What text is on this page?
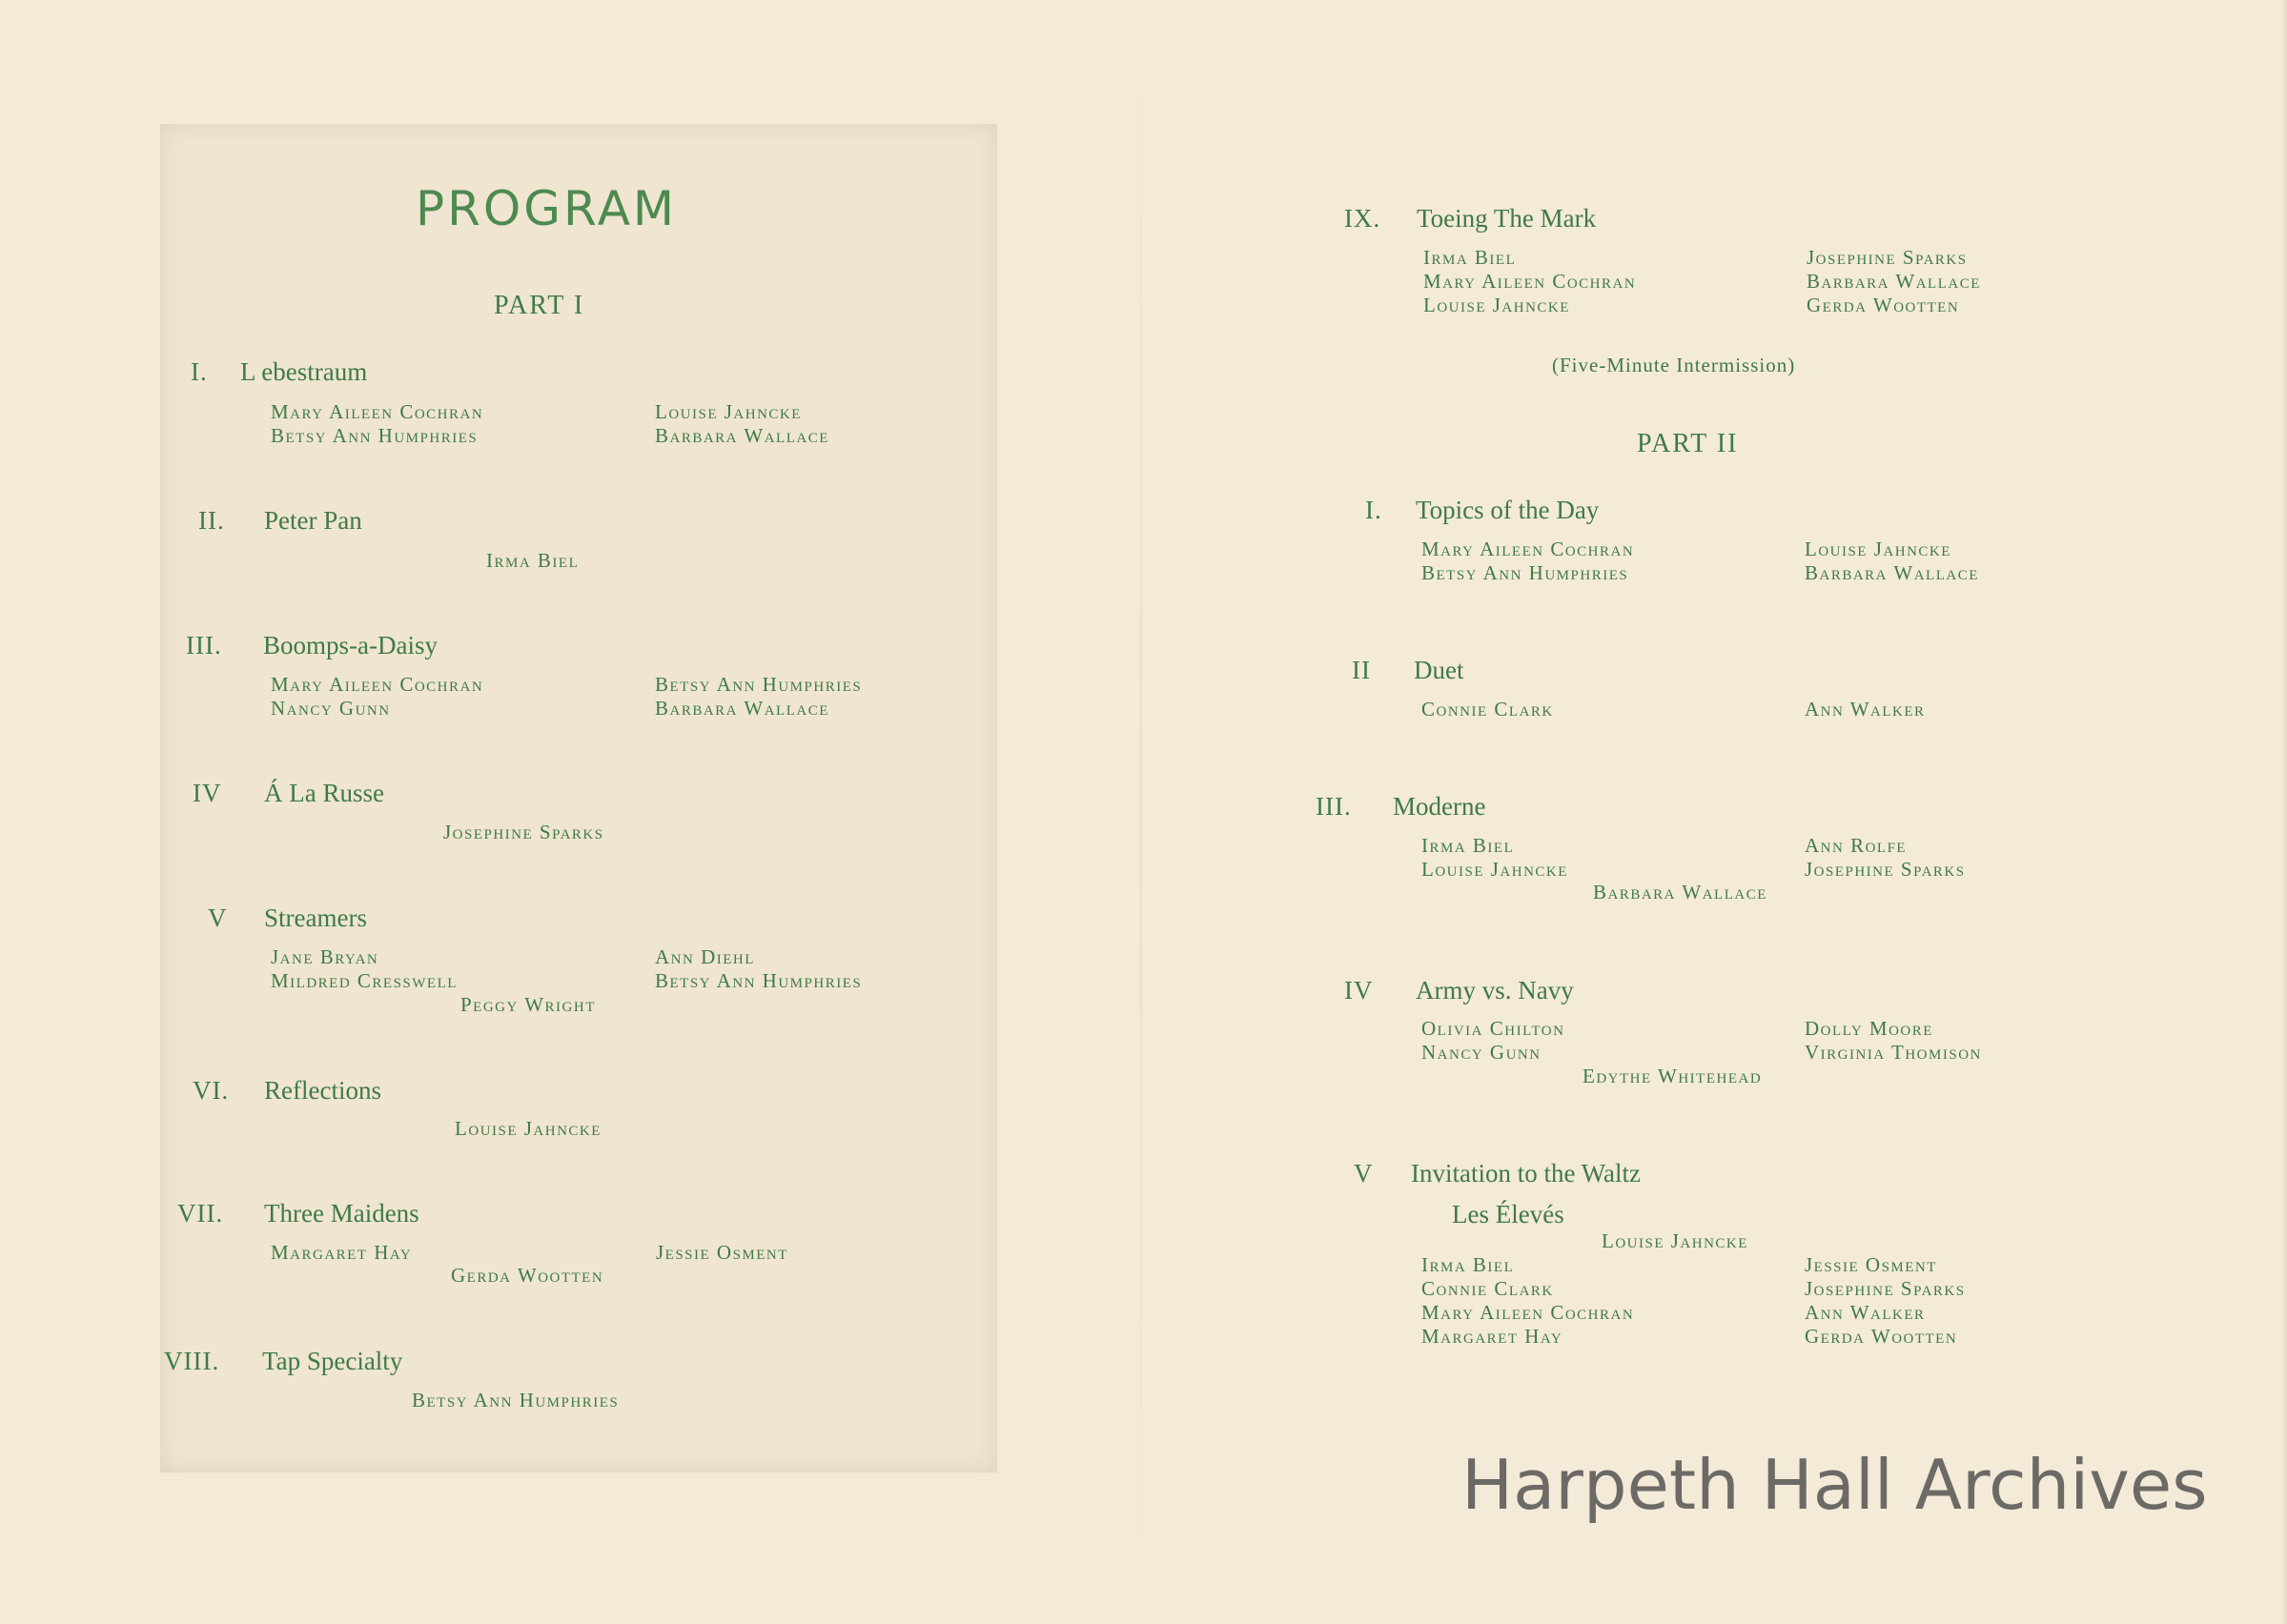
PROGRAM
PART I
I. L ebestraum
Mary Aileen Cochran
Betsy Ann Humphries
Louise Jahncke
Barbara Wallace
II. Peter Pan
Irma Biel
III. Boomps-a-Daisy
Mary Aileen Cochran
Nancy Gunn
Betsy Ann Humphries
Barbara Wallace
IV Á La Russe
Josephine Sparks
V Streamers
Jane Bryan
Mildred Cresswell
Ann Diehl
Betsy Ann Humphries
Peggy Wright
VI. Reflections
Louise Jahncke
VII. Three Maidens
Margaret Hay	Jessie Osment
Gerda Wootten
VIII. Tap Specialty
Betsy Ann Humphries
IX. Toeing The Mark
Irma Biel
Mary Aileen Cochran
Louise Jahncke
Josephine Sparks
Barbara Wallace
Gerda Wootten
(Five-Minute Intermission)
PART II
I. Topics of the Day
Mary Aileen Cochran
Betsy Ann Humphries
Louise Jahncke
Barbara Wallace
II Duet
Connie Clark	Ann Walker
III. Moderne
Irma Biel
Louise Jahncke
Ann Rolfe
Josephine Sparks
Barbara Wallace
IV Army vs. Navy
Olivia Chilton
Nancy Gunn
Dolly Moore
Virginia Thomison
Edythe Whitehead
V Invitation to the Waltz
Les Élevés
Louise Jahncke
Irma Biel
Connie Clark
Mary Aileen Cochran
Margaret Hay
Jessie Osment
Josephine Sparks
Ann Walker
Gerda Wootten
Harpeth Hall Archives
